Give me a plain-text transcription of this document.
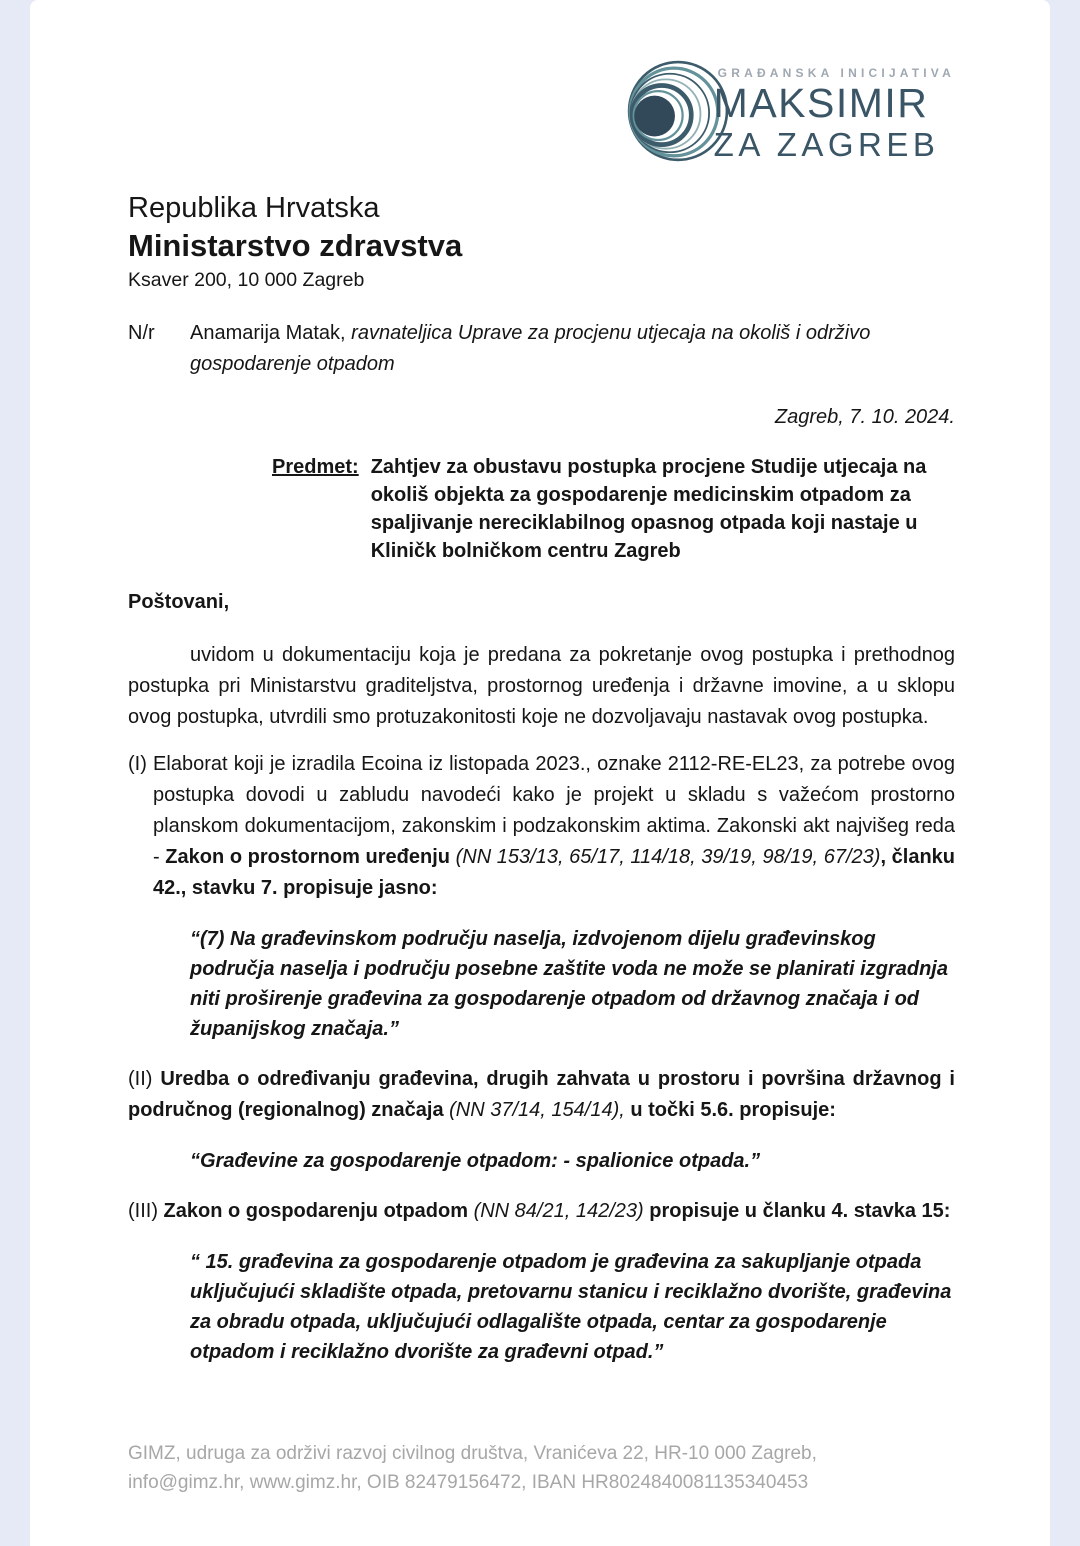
GRAĐANSKA INICIJATIVA
MAKSIMIR
ZA ZAGREB

Republika Hrvatska

Ministarstvo zdravstva

Ksaver 200, 10 000 Zagreb

N/r	Anamarija Matak, ravnateljica Uprave za procjenu utjecaja na okoliš i održivo gospodarenje otpadom
Zagreb, 7. 10. 2024.
Predmet: Zahtjev za obustavu postupka procjene Studije utjecaja na okoliš objekta za gospodarenje medicinskim otpadom za spaljivanje nereciklabilnog opasnog otpada koji nastaje u Kliničk bolničkom centru Zagreb

Poštovani,

uvidom u dokumentaciju koja je predana za pokretanje ovog postupka i prethodnog postupka pri Ministarstvu graditeljstva, prostornog uređenja i državne imovine, a u sklopu ovog postupka, utvrdili smo protuzakonitosti koje ne dozvoljavaju nastavak ovog postupka.

(I) Elaborat koji je izradila Ecoina iz listopada 2023., oznake 2112-RE-EL23, za potrebe ovog postupka dovodi u zabludu navodeći kako je projekt u skladu s važećom prostorno planskom dokumentacijom, zakonskim i podzakonskim aktima. Zakonski akt najvišeg reda - Zakon o prostornom uređenju (NN 153/13, 65/17, 114/18, 39/19, 98/19, 67/23), članku 42., stavku 7. propisuje jasno:

“(7) Na građevinskom području naselja, izdvojenom dijelu građevinskog područja naselja i području posebne zaštite voda ne može se planirati izgradnja niti proširenje građevina za gospodarenje otpadom od državnog značaja i od županijskog značaja.”

(II) Uredba o određivanju građevina, drugih zahvata u prostoru i površina državnog i područnog (regionalnog) značaja (NN 37/14, 154/14), u točki 5.6. propisuje:

“Građevine za gospodarenje otpadom: - spalionice otpada.”

(III) Zakon o gospodarenju otpadom (NN 84/21, 142/23) propisuje u članku 4. stavka 15:

“ 15. građevina za gospodarenje otpadom je građevina za sakupljanje otpada uključujući skladište otpada, pretovarnu stanicu i reciklažno dvorište, građevina za obradu otpada, uključujući odlagalište otpada, centar za gospodarenje otpadom i reciklažno dvorište za građevni otpad.”

GIMZ, udruga za održivi razvoj civilnog društva, Vranićeva 22, HR-10 000 Zagreb,
info@gimz.hr, www.gimz.hr, OIB 82479156472, IBAN HR8024840081135340453
